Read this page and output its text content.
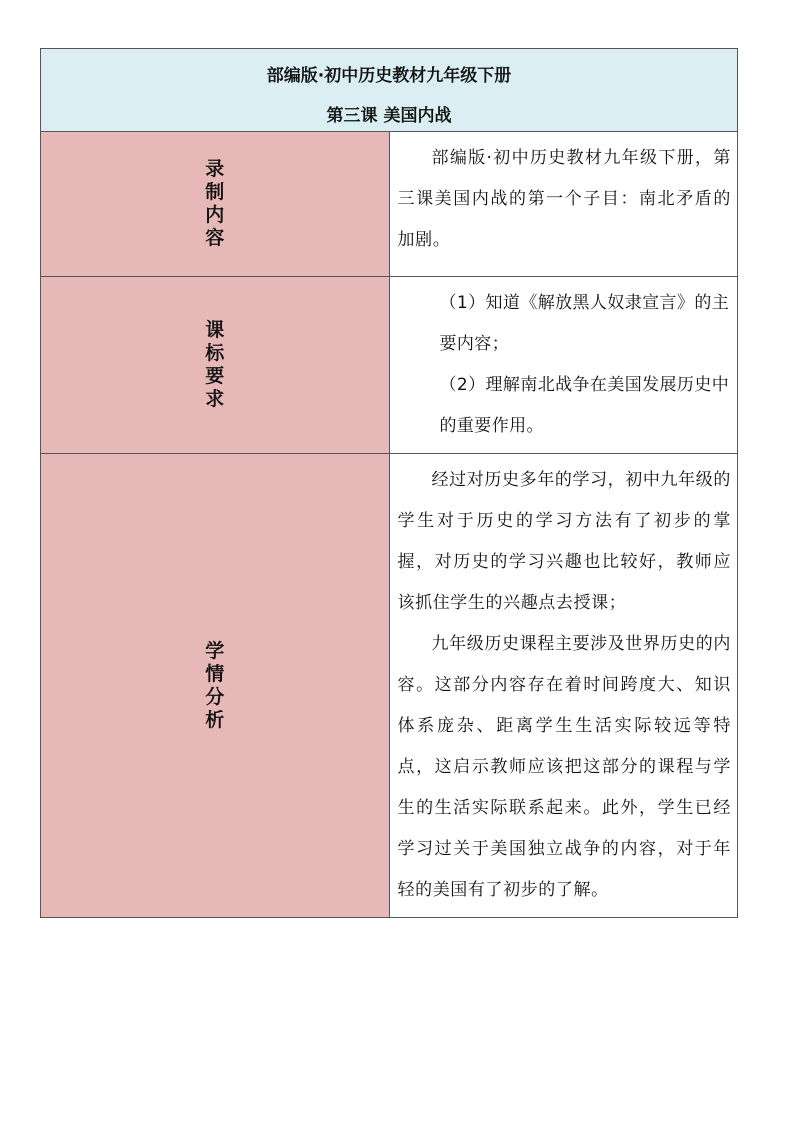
部编版·初中历史教材九年级下册
第三课 美国内战	

录制内容	部编版·初中历史教材九年级下册，第三课美国内战的第一个子目：南北矛盾的加剧。

课标要求	（1）知道《解放黑人奴隶宣言》的主要内容；

（2）理解南北战争在美国发展历史中的重要作用。

学情分析	经过对历史多年的学习，初中九年级的学生对于历史的学习方法有了初步的掌握，对历史的学习兴趣也比较好，教师应该抓住学生的兴趣点去授课；

九年级历史课程主要涉及世界历史的内容。这部分内容存在着时间跨度大、知识体系庞杂、距离学生生活实际较远等特点，这启示教师应该把这部分的课程与学生的生活实际联系起来。此外，学生已经学习过关于美国独立战争的内容，对于年轻的美国有了初步的了解。
